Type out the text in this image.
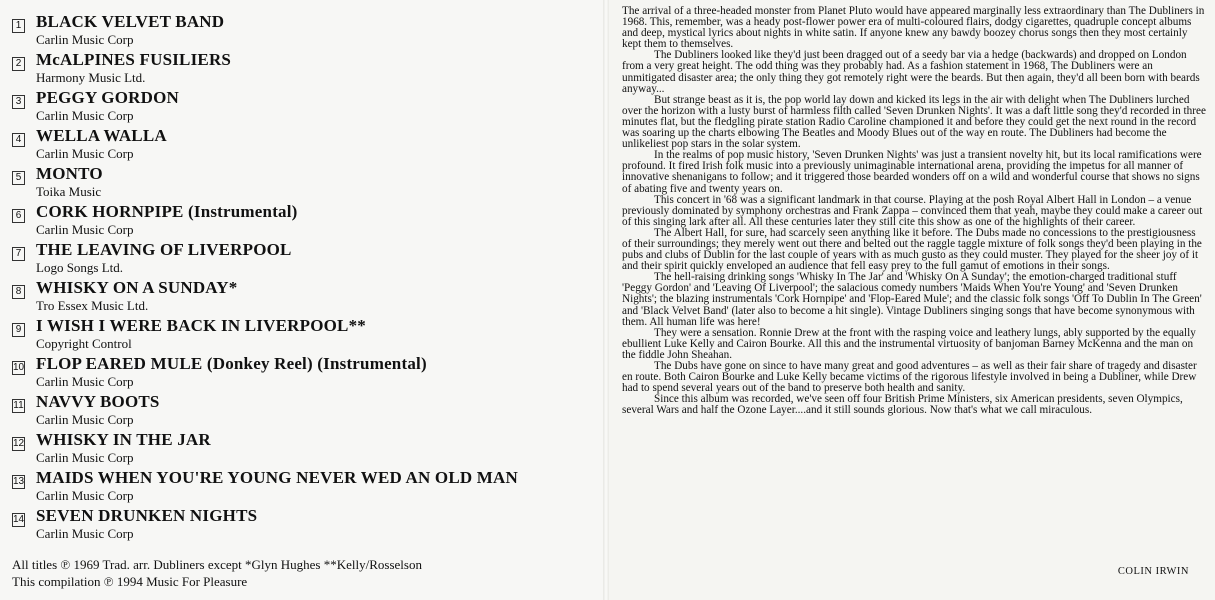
1 BLACK VELVET BAND
Carlin Music Corp
2 McALPINES FUSILIERS
Harmony Music Ltd.
3 PEGGY GORDON
Carlin Music Corp
4 WELLA WALLA
Carlin Music Corp
5 MONTO
Toika Music
6 CORK HORNPIPE (Instrumental)
Carlin Music Corp
7 THE LEAVING OF LIVERPOOL
Logo Songs Ltd.
8 WHISKY ON A SUNDAY*
Tro Essex Music Ltd.
9 I WISH I WERE BACK IN LIVERPOOL**
Copyright Control
10 FLOP EARED MULE (Donkey Reel) (Instrumental)
Carlin Music Corp
11 NAVVY BOOTS
Carlin Music Corp
12 WHISKY IN THE JAR
Carlin Music Corp
13 MAIDS WHEN YOU'RE YOUNG NEVER WED AN OLD MAN
Carlin Music Corp
14 SEVEN DRUNKEN NIGHTS
Carlin Music Corp
All titles ℗ 1969 Trad. arr. Dubliners except *Glyn Hughes **Kelly/Rosselson
This compilation ℗ 1994 Music For Pleasure

The arrival of a three-headed monster from Planet Pluto would have appeared marginally less extraordinary than The Dubliners in 1968. This, remember, was a heady post-flower power era of multi-coloured flairs, dodgy cigarettes, quadruple concept albums and deep, mystical lyrics about nights in white satin. If anyone knew any bawdy boozey chorus songs then they most certainly kept them to themselves.

The Dubliners looked like they'd just been dragged out of a seedy bar via a hedge (backwards) and dropped on London from a very great height. The odd thing was they probably had. As a fashion statement in 1968, The Dubliners were an unmitigated disaster area; the only thing they got remotely right were the beards. But then again, they'd all been born with beards anyway...

But strange beast as it is, the pop world lay down and kicked its legs in the air with delight when The Dubliners lurched over the horizon with a lusty burst of harmless filth called 'Seven Drunken Nights'. It was a daft little song they'd recorded in three minutes flat, but the fledgling pirate station Radio Caroline championed it and before they could get the next round in the record was soaring up the charts elbowing The Beatles and Moody Blues out of the way en route. The Dubliners had become the unlikeliest pop stars in the solar system.

In the realms of pop music history, 'Seven Drunken Nights' was just a transient novelty hit, but its local ramifications were profound. It fired Irish folk music into a previously unimaginable international arena, providing the impetus for all manner of innovative shenanigans to follow; and it triggered those bearded wonders off on a wild and wonderful course that shows no signs of abating five and twenty years on.

This concert in '68 was a significant landmark in that course. Playing at the posh Royal Albert Hall in London – a venue previously dominated by symphony orchestras and Frank Zappa – convinced them that yeah, maybe they could make a career out of this singing lark after all. All these centuries later they still cite this show as one of the highlights of their career.

The Albert Hall, for sure, had scarcely seen anything like it before. The Dubs made no concessions to the prestigiousness of their surroundings; they merely went out there and belted out the raggle taggle mixture of folk songs they'd been playing in the pubs and clubs of Dublin for the last couple of years with as much gusto as they could muster. They played for the sheer joy of it and their spirit quickly enveloped an audience that fell easy prey to the full gamut of emotions in their songs.

The hell-raising drinking songs 'Whisky In The Jar' and 'Whisky On A Sunday'; the emotion-charged traditional stuff 'Peggy Gordon' and 'Leaving Of Liverpool'; the salacious comedy numbers 'Maids When You're Young' and 'Seven Drunken Nights'; the blazing instrumentals 'Cork Hornpipe' and 'Flop-Eared Mule'; and the classic folk songs 'Off To Dublin In The Green' and 'Black Velvet Band' (later also to become a hit single). Vintage Dubliners singing songs that have become synonymous with them. All human life was here!

They were a sensation. Ronnie Drew at the front with the rasping voice and leathery lungs, ably supported by the equally ebullient Luke Kelly and Cairon Bourke. All this and the instrumental virtuosity of banjoman Barney McKenna and the man on the fiddle John Sheahan.

The Dubs have gone on since to have many great and good adventures – as well as their fair share of tragedy and disaster en route. Both Cairon Bourke and Luke Kelly became victims of the rigorous lifestyle involved in being a Dubliner, while Drew had to spend several years out of the band to preserve both health and sanity.

Since this album was recorded, we've seen off four British Prime Ministers, six American presidents, seven Olympics, several Wars and half the Ozone Layer....and it still sounds glorious. Now that's what we call miraculous.

COLIN IRWIN
